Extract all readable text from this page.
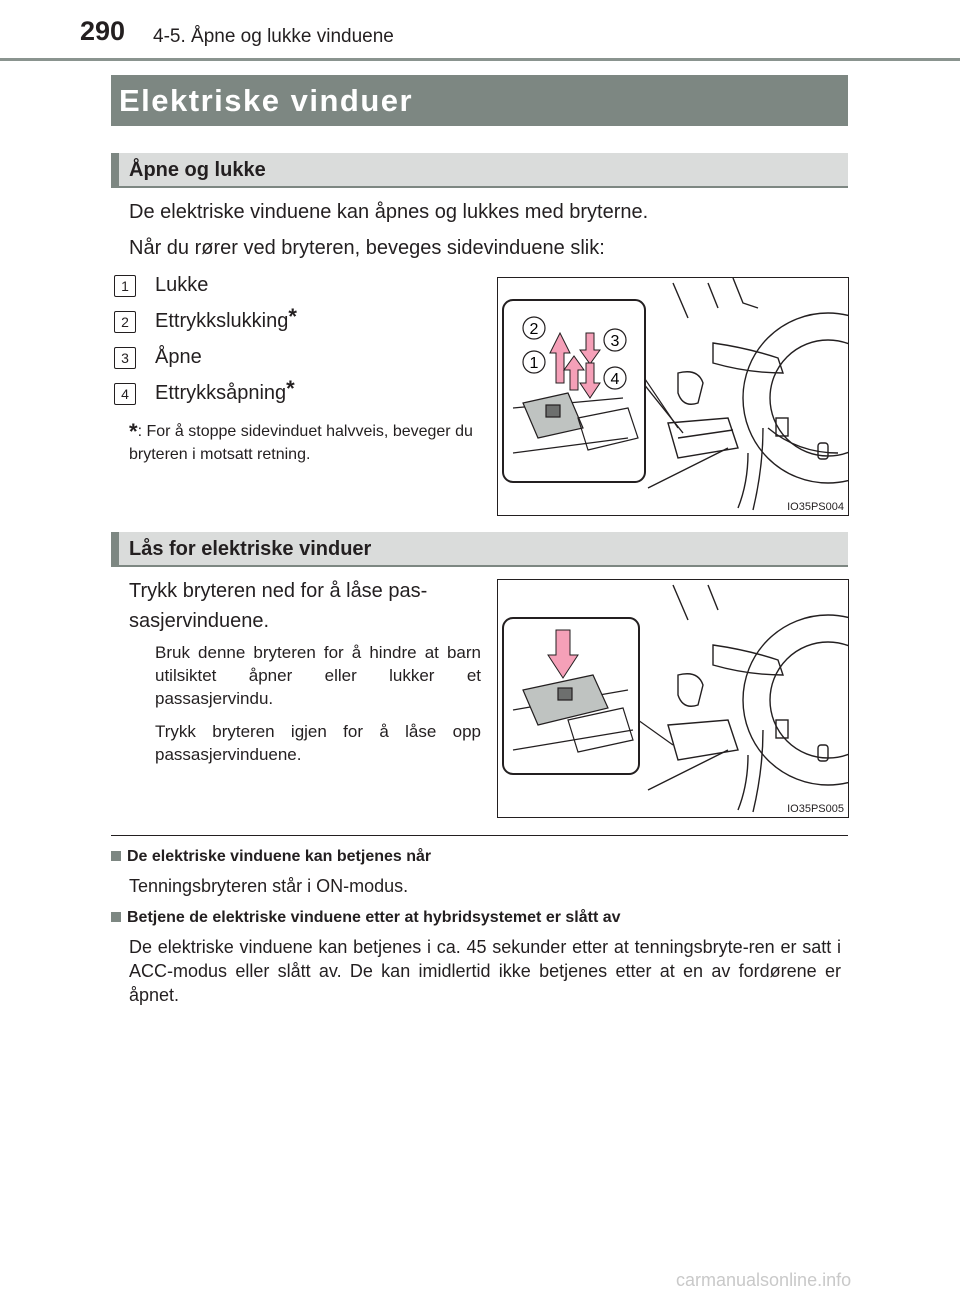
290 4-5. Åpne og lukke vinduene
Elektriske vinduer
Åpne og lukke
De elektriske vinduene kan åpnes og lukkes med bryterne.
Når du rører ved bryteren, beveges sidevinduene slik:
1	Lukke
2	Ettrykkslukking*
3	Åpne
4	Ettrykksåpning*
*: For å stoppe sidevinduet halvveis, beveger du bryteren i motsatt retning.
1
2
3
4
IO35PS004
Lås for elektriske vinduer
Trykk bryteren ned for å låse pas-
sasjervinduene.
Bruk denne bryteren for å hindre at barn utilsiktet åpner eller lukker et passasjervindu.
Trykk bryteren igjen for å låse opp passasjervinduene.
IO35PS005
De elektriske vinduene kan betjenes når
Tenningsbryteren står i ON-modus.
Betjene de elektriske vinduene etter at hybridsystemet er slått av
De elektriske vinduene kan betjenes i ca. 45 sekunder etter at tenningsbryte-ren er satt i ACC-modus eller slått av. De kan imidlertid ikke betjenes etter at en av fordørene er åpnet.
carmanualsonline.info
